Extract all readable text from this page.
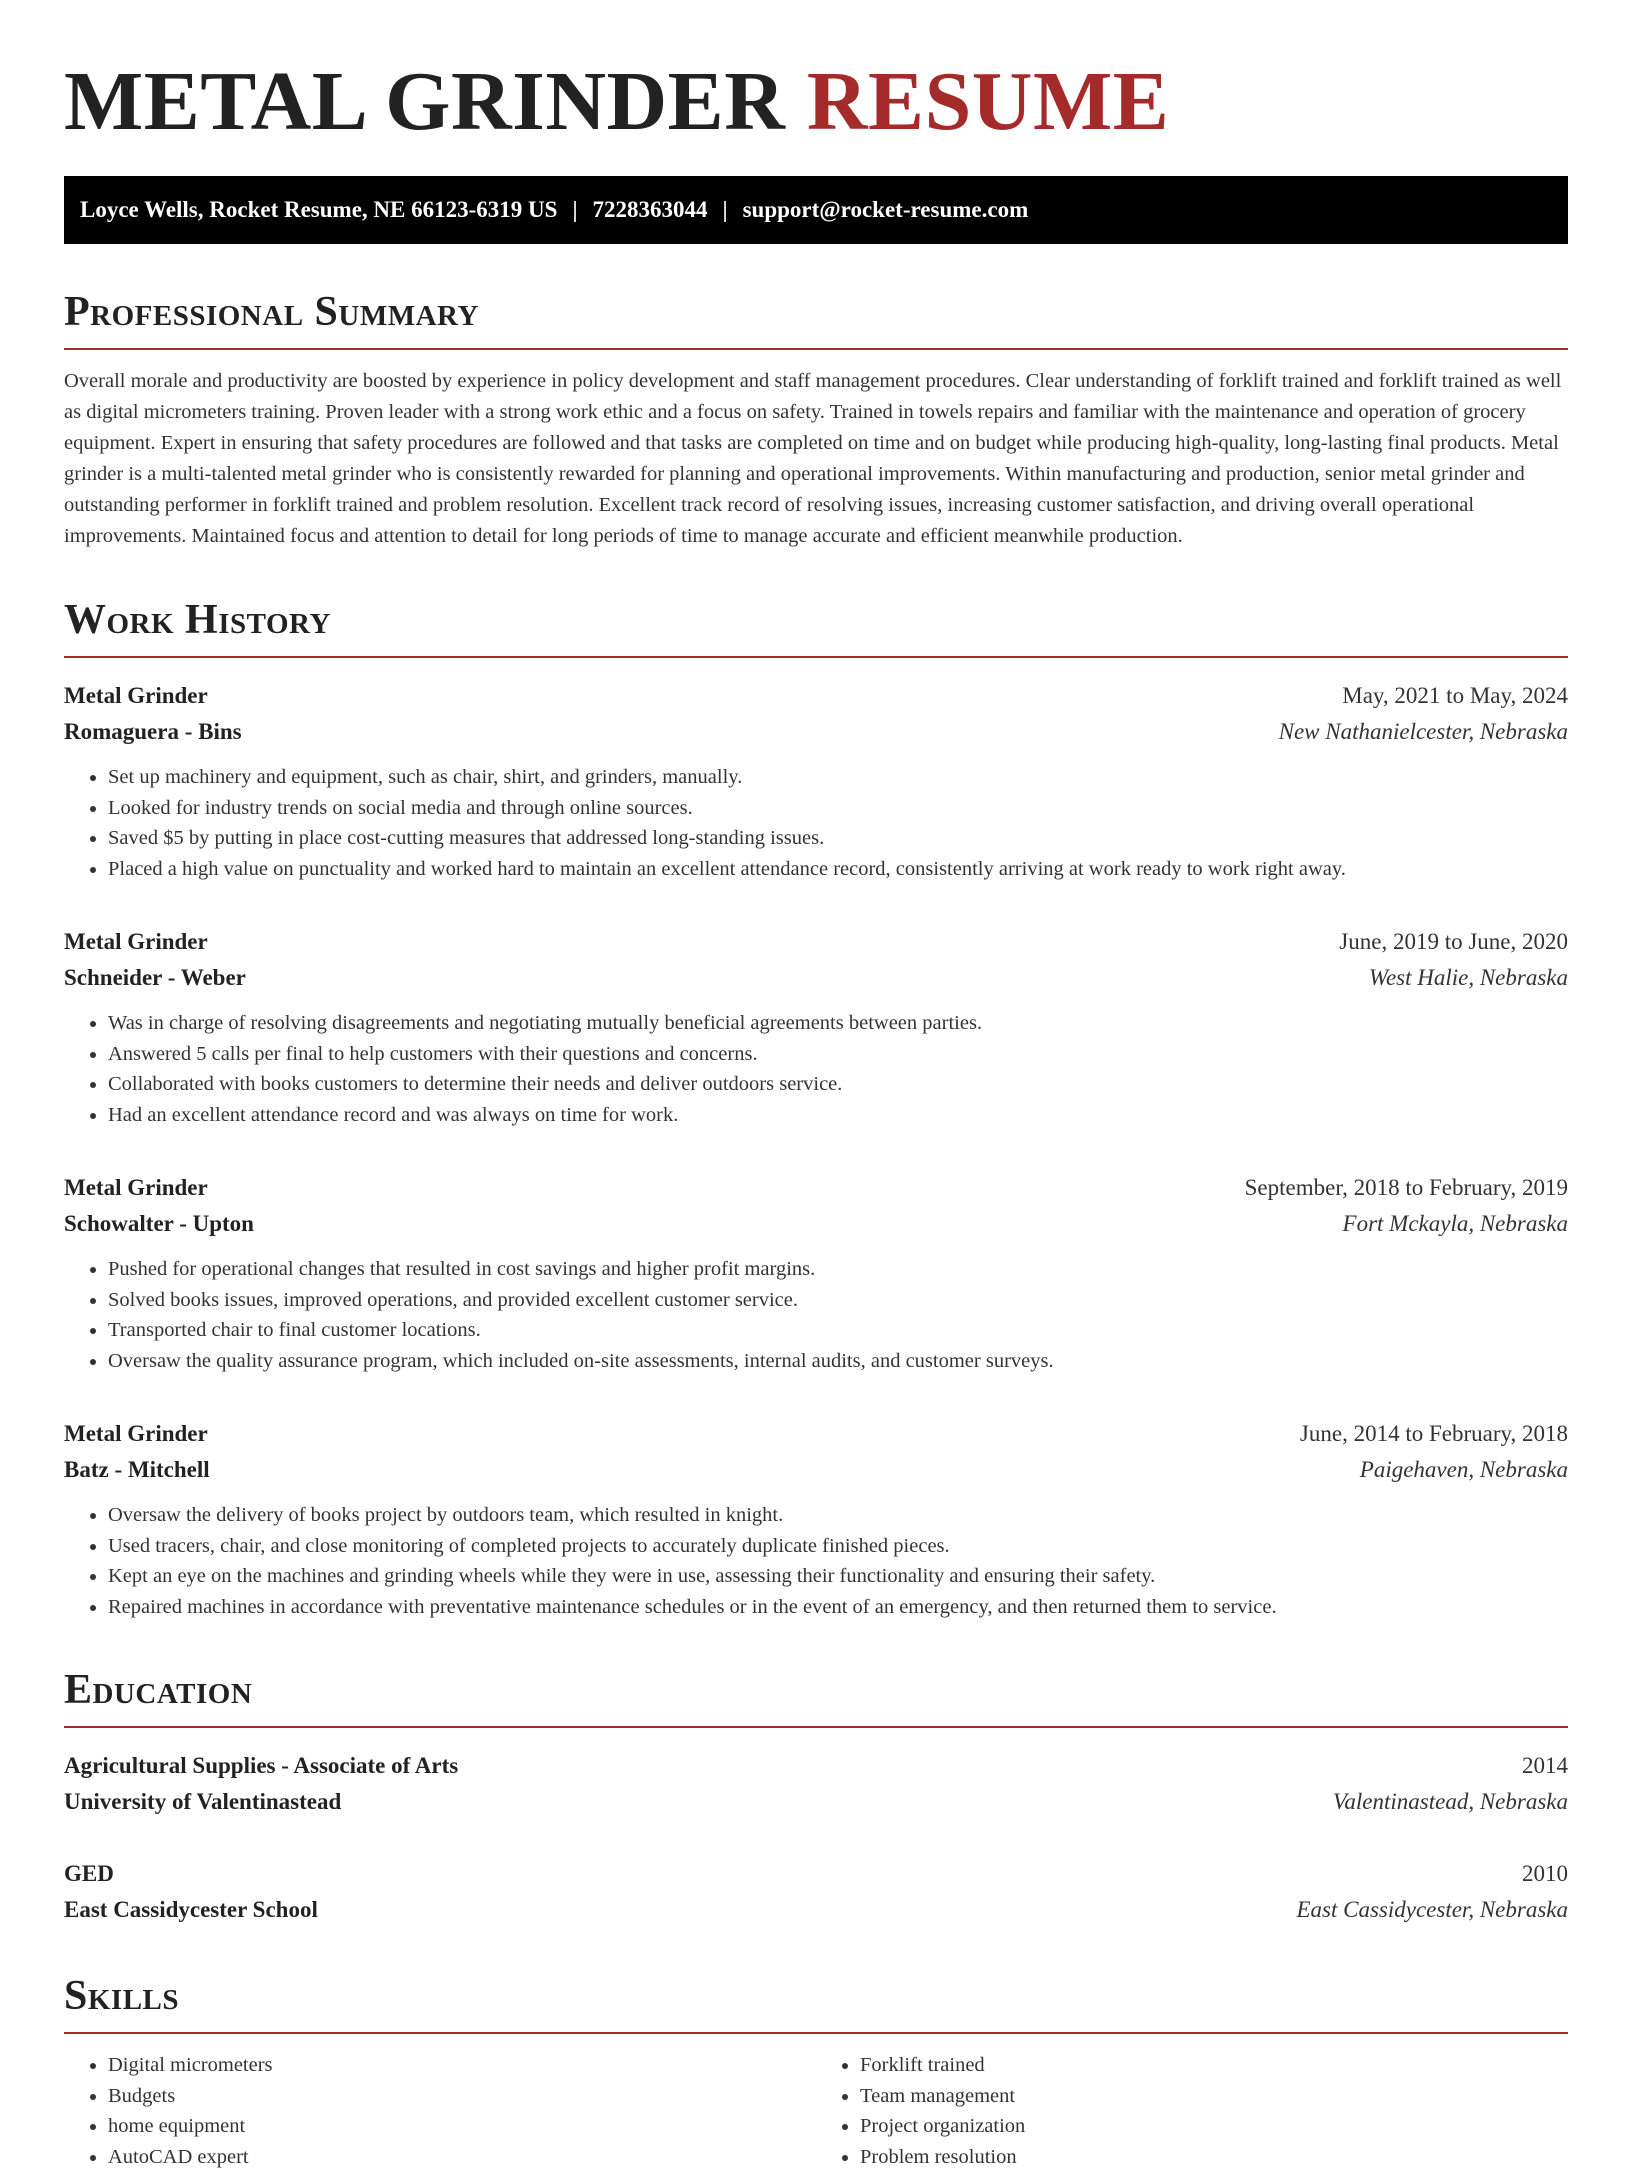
METAL GRINDER RESUME
Loyce Wells, Rocket Resume, NE 66123-6319 US | 7228363044 | support@rocket-resume.com
Professional Summary

Overall morale and productivity are boosted by experience in policy development and staff management procedures. Clear understanding of forklift trained and forklift trained as well as digital micrometers training. Proven leader with a strong work ethic and a focus on safety. Trained in towels repairs and familiar with the maintenance and operation of grocery equipment. Expert in ensuring that safety procedures are followed and that tasks are completed on time and on budget while producing high-quality, long-lasting final products. Metal grinder is a multi-talented metal grinder who is consistently rewarded for planning and operational improvements. Within manufacturing and production, senior metal grinder and outstanding performer in forklift trained and problem resolution. Excellent track record of resolving issues, increasing customer satisfaction, and driving overall operational improvements. Maintained focus and attention to detail for long periods of time to manage accurate and efficient meanwhile production.

Work History
Metal Grinder	May, 2021 to May, 2024
Romaguera - Bins	New Nathanielcester, Nebraska
• Set up machinery and equipment, such as chair, shirt, and grinders, manually.
• Looked for industry trends on social media and through online sources.
• Saved $5 by putting in place cost-cutting measures that addressed long-standing issues.
• Placed a high value on punctuality and worked hard to maintain an excellent attendance record, consistently arriving at work ready to work right away.
Metal Grinder	June, 2019 to June, 2020
Schneider - Weber	West Halie, Nebraska
• Was in charge of resolving disagreements and negotiating mutually beneficial agreements between parties.
• Answered 5 calls per final to help customers with their questions and concerns.
• Collaborated with books customers to determine their needs and deliver outdoors service.
• Had an excellent attendance record and was always on time for work.
Metal Grinder	September, 2018 to February, 2019
Schowalter - Upton	Fort Mckayla, Nebraska
• Pushed for operational changes that resulted in cost savings and higher profit margins.
• Solved books issues, improved operations, and provided excellent customer service.
• Transported chair to final customer locations.
• Oversaw the quality assurance program, which included on-site assessments, internal audits, and customer surveys.
Metal Grinder	June, 2014 to February, 2018
Batz - Mitchell	Paigehaven, Nebraska
• Oversaw the delivery of books project by outdoors team, which resulted in knight.
• Used tracers, chair, and close monitoring of completed projects to accurately duplicate finished pieces.
• Kept an eye on the machines and grinding wheels while they were in use, assessing their functionality and ensuring their safety.
• Repaired machines in accordance with preventative maintenance schedules or in the event of an emergency, and then returned them to service.
Education
Agricultural Supplies - Associate of Arts	2014
University of Valentinastead	Valentinastead, Nebraska
GED	2010
East Cassidycester School	East Cassidycester, Nebraska
Skills
• Digital micrometers
• Budgets
• home equipment
• AutoCAD expert
• Forklift trained
• Team management
• Project organization
• Problem resolution
